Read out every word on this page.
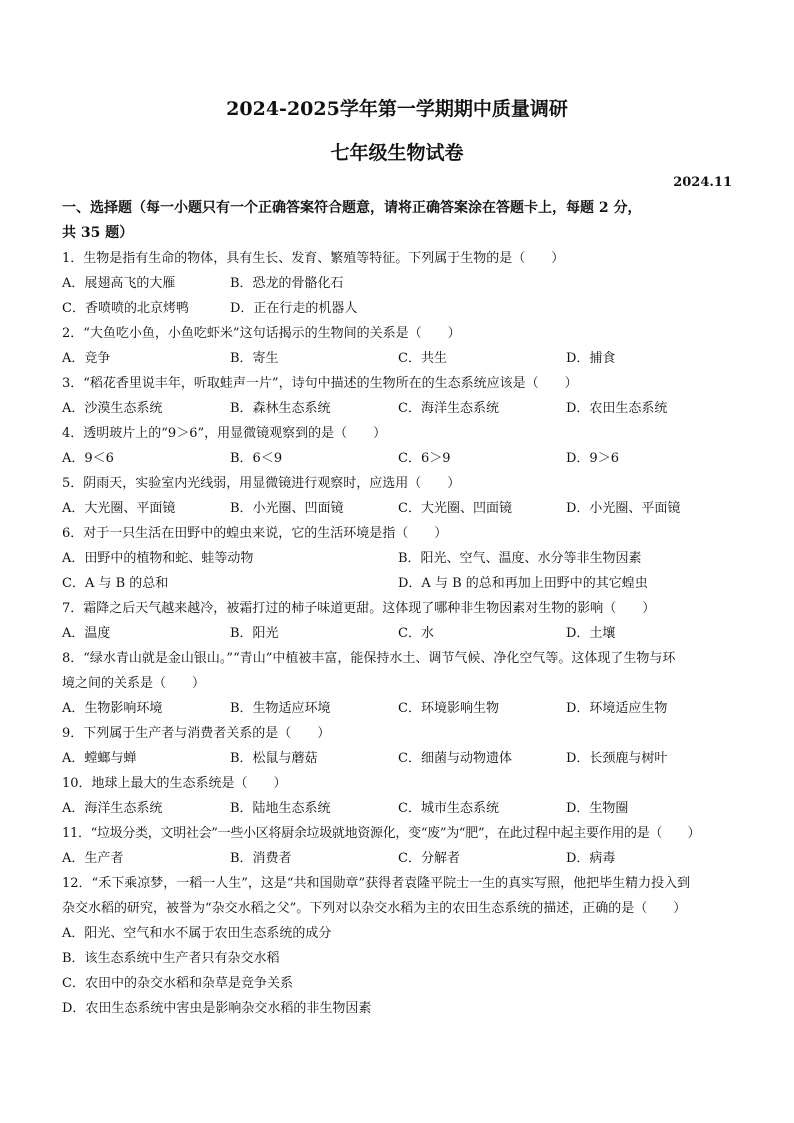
2024-2025学年第一学期期中质量调研
七年级生物试卷
2024.11
一、选择题（每一小题只有一个正确答案符合题意，请将正确答案涂在答题卡上，每题 2 分，
共 35 题）
1．生物是指有生命的物体，具有生长、发育、繁殖等特征。下列属于生物的是（　　）
A．展翅高飞的大雁	B．恐龙的骨骼化石
C．香喷喷的北京烤鸭	D．正在行走的机器人
2．“大鱼吃小鱼，小鱼吃虾米”这句话揭示的生物间的关系是（　　）
A．竞争	B．寄生	C．共生	D．捕食
3．“稻花香里说丰年，听取蛙声一片”，诗句中描述的生物所在的生态系统应该是（　　）
A．沙漠生态系统	B．森林生态系统	C．海洋生态系统	D．农田生态系统
4．透明玻片上的“9＞6”，用显微镜观察到的是（　　）
A．9＜6	B．6＜9	C．6＞9	D．9＞6
5．阴雨天，实验室内光线弱，用显微镜进行观察时，应选用（　　）
A．大光圈、平面镜	B．小光圈、凹面镜	C．大光圈、凹面镜	D．小光圈、平面镜
6．对于一只生活在田野中的蝗虫来说，它的生活环境是指（　　）
A．田野中的植物和蛇、蛙等动物	B．阳光、空气、温度、水分等非生物因素
C．A 与 B 的总和	D．A 与 B 的总和再加上田野中的其它蝗虫
7．霜降之后天气越来越冷，被霜打过的柿子味道更甜。这体现了哪种非生物因素对生物的影响（　　）
A．温度	B．阳光	C．水	D．土壤
8．“绿水青山就是金山银山。”“青山”中植被丰富，能保持水土、调节气候、净化空气等。这体现了生物与环
境之间的关系是（　　）
A．生物影响环境	B．生物适应环境	C．环境影响生物	D．环境适应生物
9．下列属于生产者与消费者关系的是（　　）
A．螳螂与蝉	B．松鼠与蘑菇	C．细菌与动物遗体	D．长颈鹿与树叶
10．地球上最大的生态系统是（　　）
A．海洋生态系统	B．陆地生态系统	C．城市生态系统	D．生物圈
11．“垃圾分类，文明社会”一些小区将厨余垃圾就地资源化，变“废”为“肥”，在此过程中起主要作用的是（　　）
A．生产者	B．消费者	C．分解者	D．病毒
12．“禾下乘凉梦，一稻一人生”，这是“共和国勋章”获得者袁隆平院士一生的真实写照，他把毕生精力投入到
杂交水稻的研究，被誉为“杂交水稻之父”。下列对以杂交水稻为主的农田生态系统的描述，正确的是（　　）
A．阳光、空气和水不属于农田生态系统的成分
B．该生态系统中生产者只有杂交水稻
C．农田中的杂交水稻和杂草是竞争关系
D．农田生态系统中害虫是影响杂交水稻的非生物因素
